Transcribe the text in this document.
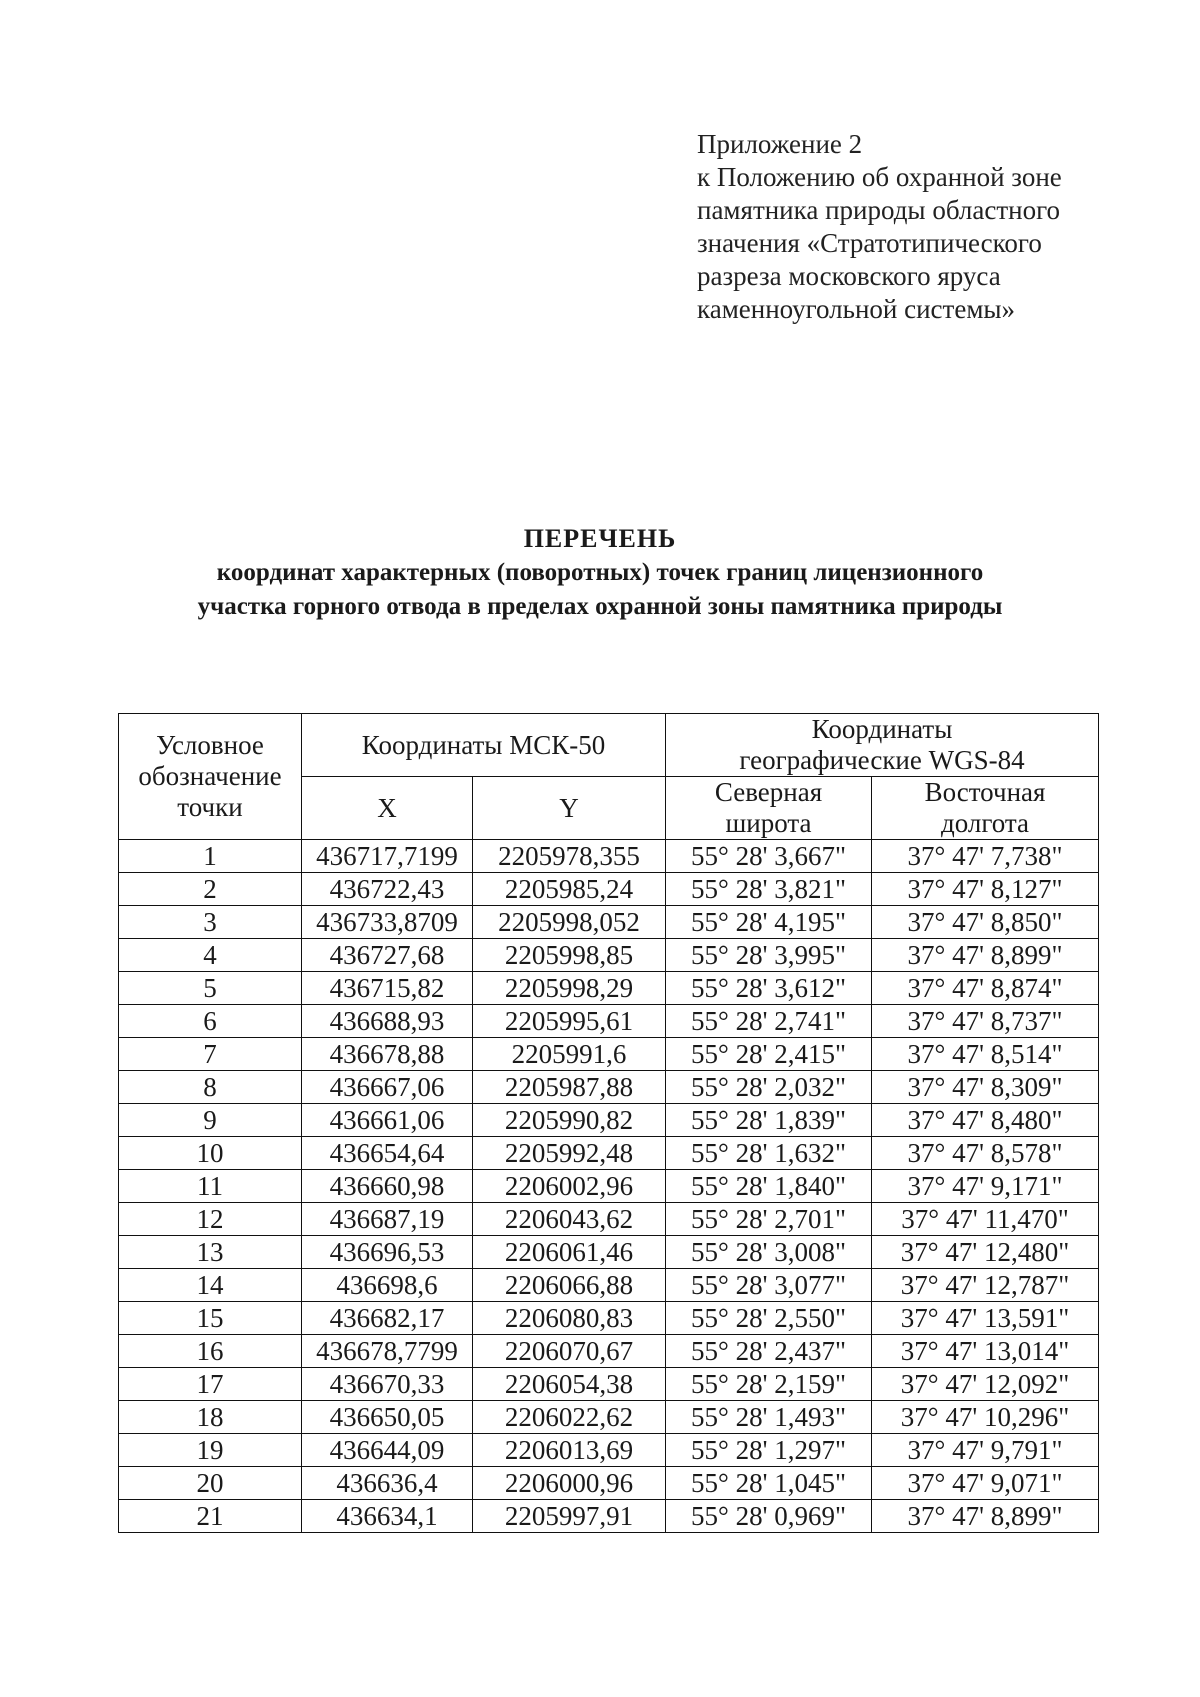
Приложение 2
к Положению об охранной зоне
памятника природы областного
значения «Стратотипического
разреза московского яруса
каменноугольной системы»
ПЕРЕЧЕНЬ
координат характерных (поворотных) точек границ лицензионного
участка горного отвода в пределах охранной зоны памятника природы
Условное обозначение точки	Координаты МСК-50		Координаты географические WGS-84	
	X	Y	Северная широта	Восточная долгота
1	436717,7199	2205978,355	55° 28' 3,667"	37° 47' 7,738"
2	436722,43	2205985,24	55° 28' 3,821"	37° 47' 8,127"
3	436733,8709	2205998,052	55° 28' 4,195"	37° 47' 8,850"
4	436727,68	2205998,85	55° 28' 3,995"	37° 47' 8,899"
5	436715,82	2205998,29	55° 28' 3,612"	37° 47' 8,874"
6	436688,93	2205995,61	55° 28' 2,741"	37° 47' 8,737"
7	436678,88	2205991,6	55° 28' 2,415"	37° 47' 8,514"
8	436667,06	2205987,88	55° 28' 2,032"	37° 47' 8,309"
9	436661,06	2205990,82	55° 28' 1,839"	37° 47' 8,480"
10	436654,64	2205992,48	55° 28' 1,632"	37° 47' 8,578"
11	436660,98	2206002,96	55° 28' 1,840"	37° 47' 9,171"
12	436687,19	2206043,62	55° 28' 2,701"	37° 47' 11,470"
13	436696,53	2206061,46	55° 28' 3,008"	37° 47' 12,480"
14	436698,6	2206066,88	55° 28' 3,077"	37° 47' 12,787"
15	436682,17	2206080,83	55° 28' 2,550"	37° 47' 13,591"
16	436678,7799	2206070,67	55° 28' 2,437"	37° 47' 13,014"
17	436670,33	2206054,38	55° 28' 2,159"	37° 47' 12,092"
18	436650,05	2206022,62	55° 28' 1,493"	37° 47' 10,296"
19	436644,09	2206013,69	55° 28' 1,297"	37° 47' 9,791"
20	436636,4	2206000,96	55° 28' 1,045"	37° 47' 9,071"
21	436634,1	2205997,91	55° 28' 0,969"	37° 47' 8,899"
